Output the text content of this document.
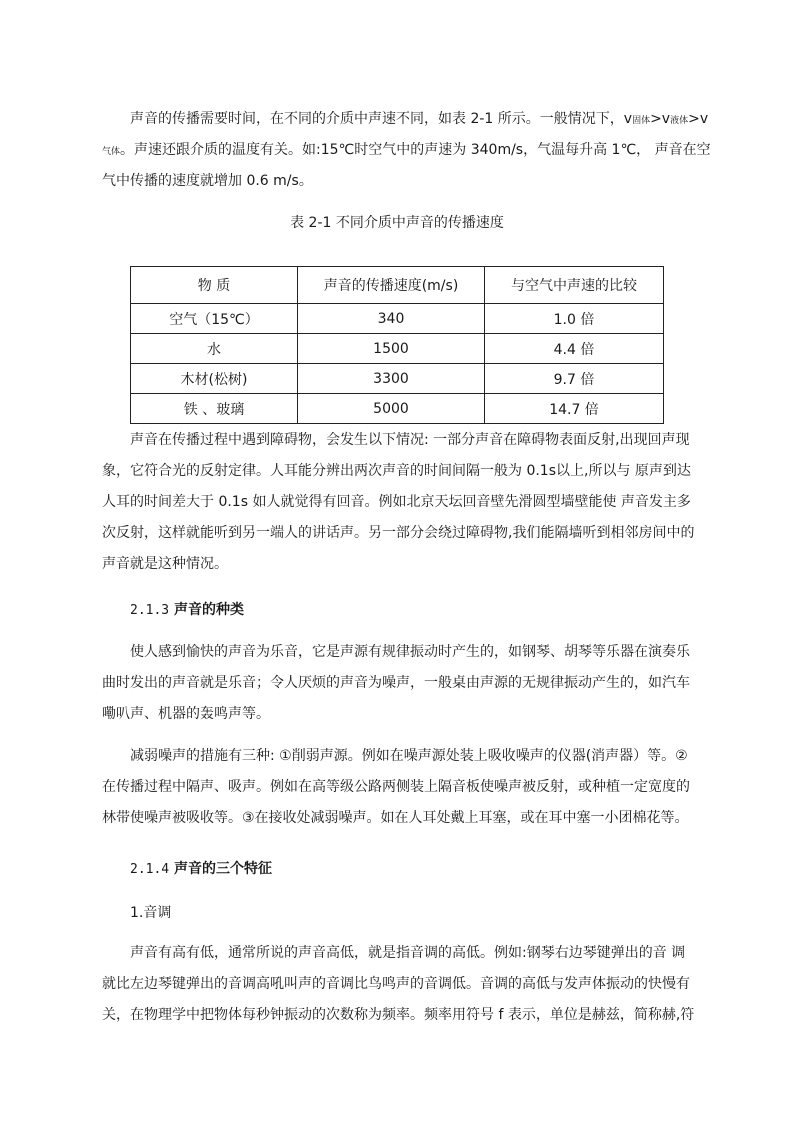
声音的传播需要时间，在不同的介质中声速不同，如表 2-1 所示。一般情况下，v固体>v液体>v
气体。声速还跟介质的温度有关。如:15℃时空气中的声速为 340m/s，气温每升高 1℃， 声音在空
气中传播的速度就增加 0.6 m/s。
表 2-1 不同介质中声音的传播速度
物 质	声音的传播速度(m/s)	与空气中声速的比较
空气（15℃）	340	1.0 倍
水	1500	4.4 倍
木材(松树)	3300	9.7 倍
铁 、玻璃	5000	14.7 倍
声音在传播过程中遇到障碍物，会发生以下情况: 一部分声音在障碍物表面反射,出现回声现
象，它符合光的反射定律。人耳能分辨出两次声音的时间间隔一般为 0.1s以上,所以与 原声到达
人耳的时间差大于 0.1s 如人就觉得有回音。例如北京天坛回音壁先滑圆型墙壁能使 声音发主多
次反射，这样就能听到另一端人的讲话声。另一部分会绕过障碍物,我们能隔墙听到相邻房间中的
声音就是这种情况。
2.1.3 声音的种类
使人感到愉快的声音为乐音，它是声源有规律振动时产生的，如钢琴、胡琴等乐器在演奏乐
曲时发出的声音就是乐音；令人厌烦的声音为噪声，一般桌由声源的无规律振动产生的，如汽车
嘞叭声、机器的轰鸣声等。
减弱噪声的措施有三种: ①削弱声源。例如在噪声源处装上吸收噪声的仪器(消声器）等。②
在传播过程中隔声、吸声。例如在高等级公路两侧装上隔音板使噪声被反射，或种植一定宽度的
林带使噪声被吸收等。③在接收处减弱噪声。如在人耳处戴上耳塞，或在耳中塞一小团棉花等。
2.1.4 声音的三个特征
1.音调
声音有高有低，通常所说的声音高低，就是指音调的高低。例如:钢琴右边琴键弹出的音 调
就比左边琴键弹出的音调高吼叫声的音调比鸟鸣声的音调低。音调的高低与发声体振动的快慢有
关，在物理学中把物体每秒钟振动的次数称为频率。频率用符号 f 表示，单位是赫兹，简称赫,符
